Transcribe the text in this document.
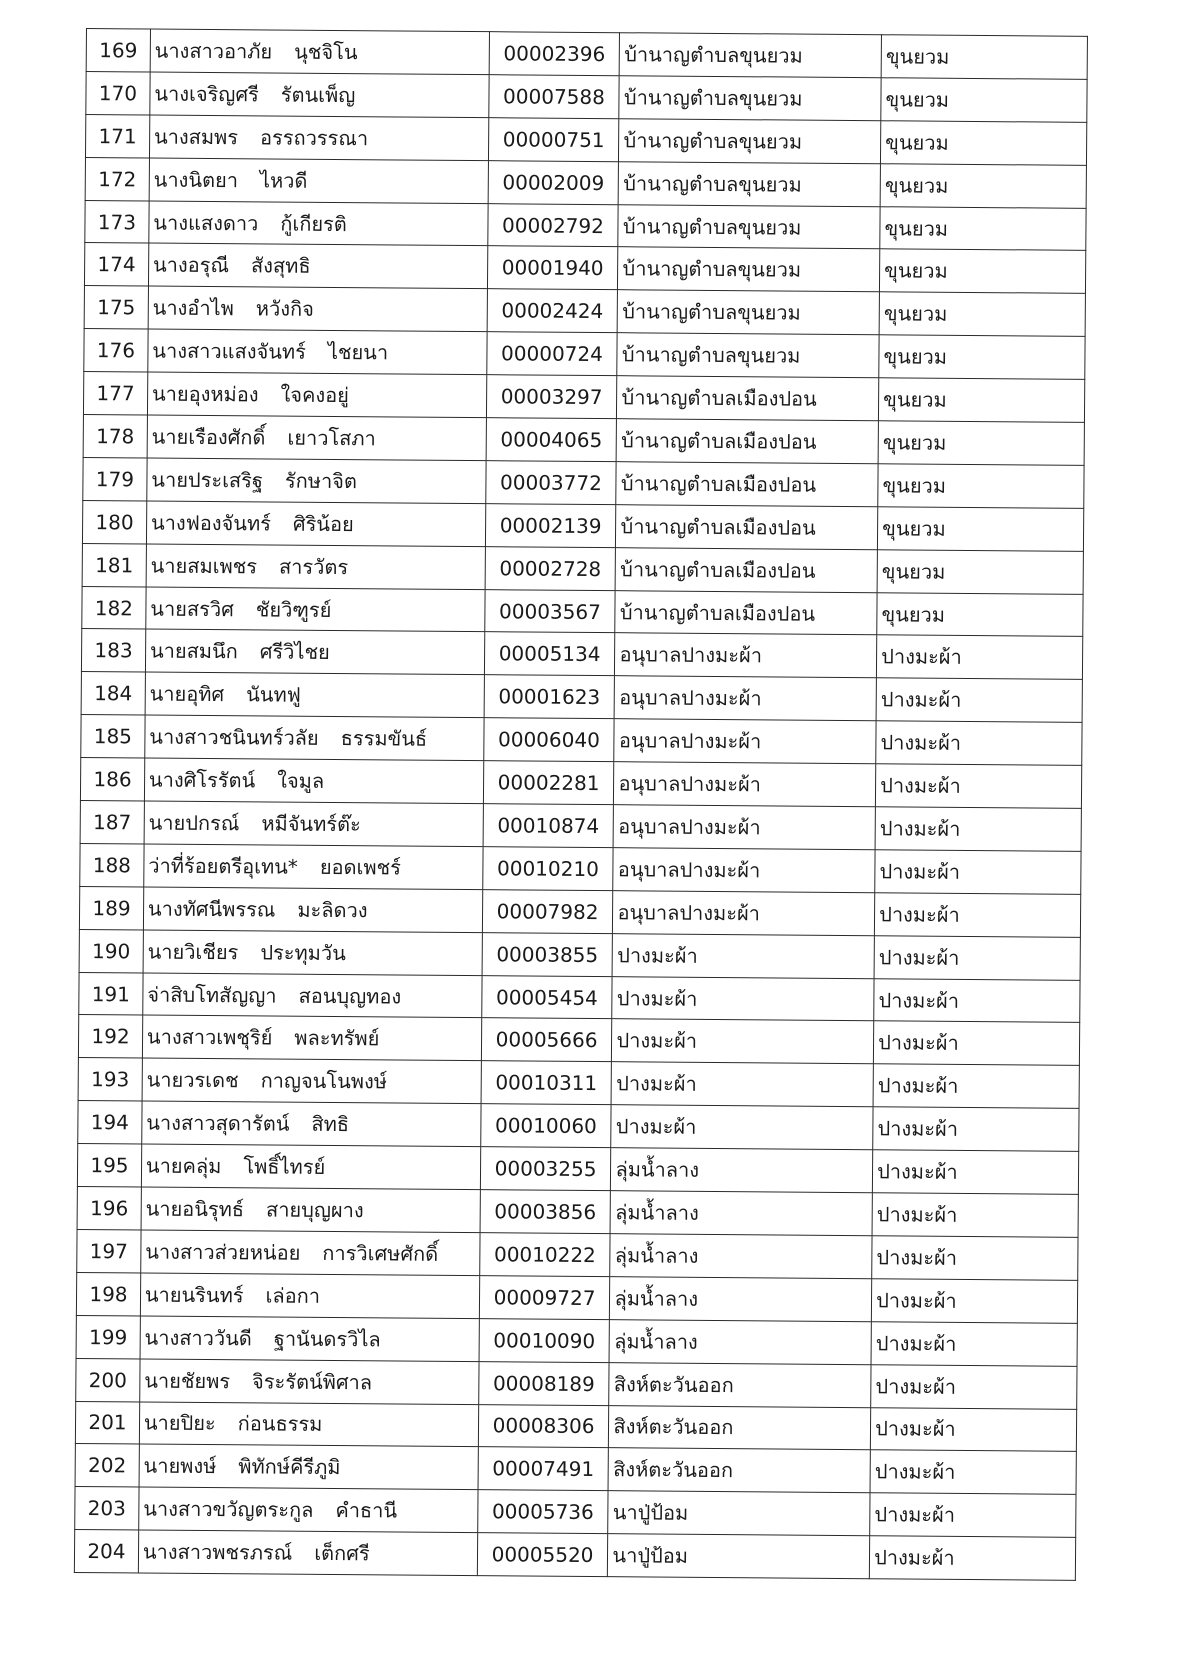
169	นางสาวอาภัย นุชจิโน	00002396	บ้านาญตำบลขุนยวม	ขุนยวม
170	นางเจริญศรี รัตนเพ็ญ	00007588	บ้านาญตำบลขุนยวม	ขุนยวม
171	นางสมพร อรรถวรรณา	00000751	บ้านาญตำบลขุนยวม	ขุนยวม
172	นางนิตยา ไหวดี	00002009	บ้านาญตำบลขุนยวม	ขุนยวม
173	นางแสงดาว กู้เกียรติ	00002792	บ้านาญตำบลขุนยวม	ขุนยวม
174	นางอรุณี สังสุทธิ	00001940	บ้านาญตำบลขุนยวม	ขุนยวม
175	นางอำไพ หวังกิจ	00002424	บ้านาญตำบลขุนยวม	ขุนยวม
176	นางสาวแสงจันทร์ ไชยนา	00000724	บ้านาญตำบลขุนยวม	ขุนยวม
177	นายอุงหม่อง ใจคงอยู่	00003297	บ้านาญตำบลเมืองปอน	ขุนยวม
178	นายเรืองศักดิ์ เยาวโสภา	00004065	บ้านาญตำบลเมืองปอน	ขุนยวม
179	นายประเสริฐ รักษาจิต	00003772	บ้านาญตำบลเมืองปอน	ขุนยวม
180	นางฟองจันทร์ ศิริน้อย	00002139	บ้านาญตำบลเมืองปอน	ขุนยวม
181	นายสมเพชร สารวัตร	00002728	บ้านาญตำบลเมืองปอน	ขุนยวม
182	นายสรวิศ ชัยวิฑูรย์	00003567	บ้านาญตำบลเมืองปอน	ขุนยวม
183	นายสมนึก ศรีวิไชย	00005134	อนุบาลปางมะผ้า	ปางมะผ้า
184	นายอุทิศ นันทฟู	00001623	อนุบาลปางมะผ้า	ปางมะผ้า
185	นางสาวชนินทร์วลัย ธรรมขันธ์	00006040	อนุบาลปางมะผ้า	ปางมะผ้า
186	นางศิโรรัตน์ ใจมูล	00002281	อนุบาลปางมะผ้า	ปางมะผ้า
187	นายปกรณ์ หมีจันทร์ต๊ะ	00010874	อนุบาลปางมะผ้า	ปางมะผ้า
188	ว่าที่ร้อยตรีอุเทน* ยอดเพชร์	00010210	อนุบาลปางมะผ้า	ปางมะผ้า
189	นางทัศนีพรรณ มะลิดวง	00007982	อนุบาลปางมะผ้า	ปางมะผ้า
190	นายวิเชียร ประทุมวัน	00003855	ปางมะผ้า	ปางมะผ้า
191	จ่าสิบโทสัญญา สอนบุญทอง	00005454	ปางมะผ้า	ปางมะผ้า
192	นางสาวเพชุริย์ พละทรัพย์	00005666	ปางมะผ้า	ปางมะผ้า
193	นายวรเดช กาญจนโนพงษ์	00010311	ปางมะผ้า	ปางมะผ้า
194	นางสาวสุดารัตน์ สิทธิ	00010060	ปางมะผ้า	ปางมะผ้า
195	นายคลุ่ม โพธิ์ไทรย์	00003255	ลุ่มน้ำลาง	ปางมะผ้า
196	นายอนิรุทธ์ สายบุญผาง	00003856	ลุ่มน้ำลาง	ปางมะผ้า
197	นางสาวส่วยหน่อย การวิเศษศักดิ์	00010222	ลุ่มน้ำลาง	ปางมะผ้า
198	นายนรินทร์ เล่อกา	00009727	ลุ่มน้ำลาง	ปางมะผ้า
199	นางสาววันดี ฐานันดรวิไล	00010090	ลุ่มน้ำลาง	ปางมะผ้า
200	นายชัยพร จิระรัตน์พิศาล	00008189	สิงห์ตะวันออก	ปางมะผ้า
201	นายปิยะ ก่อนธรรม	00008306	สิงห์ตะวันออก	ปางมะผ้า
202	นายพงษ์ พิทักษ์คีรีภูมิ	00007491	สิงห์ตะวันออก	ปางมะผ้า
203	นางสาวขวัญตระกูล คำธานี	00005736	นาปู่ป้อม	ปางมะผ้า
204	นางสาวพชรภรณ์ เต็กศรี	00005520	นาปู่ป้อม	ปางมะผ้า
